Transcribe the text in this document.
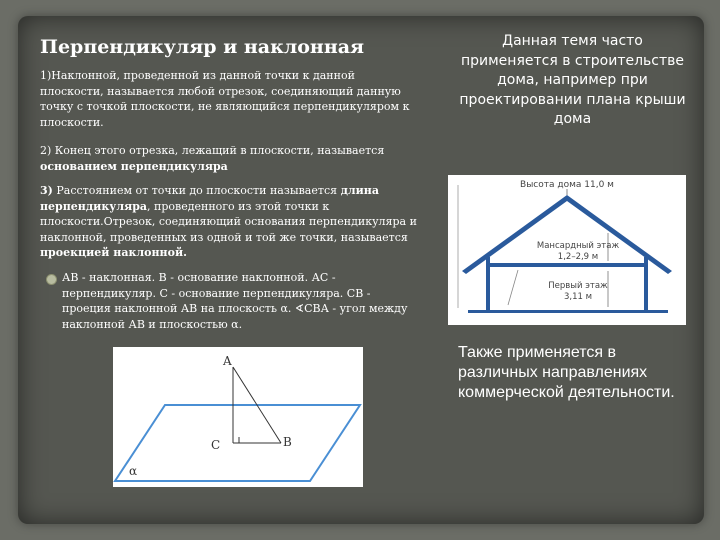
Перпендикуляр и наклонная
1)Наклонной, проведенной из данной точки к данной плоскости, называется любой отрезок, соединяющий данную точку с точкой плоскости, не являющийся перпендикуляром к плоскости.
2) Конец этого отрезка, лежащий в плоскости, называется основанием перпендикуляра
3) Расстоянием от точки до плоскости называется длина перпендикуляра, проведенного из этой точки к плоскости.Отрезок, соединяющий основания перпендикуляра и наклонной, проведенных из одной и той же точки, называется проекцией наклонной.
АВ - наклонная. В - основание наклонной. АС - перпендикуляр. С - основание перпендикуляра. СВ - проеция наклонной АВ на плоскость α. ∢СВА - угол между наклонной АВ и плоскостью α.
Данная темя часто применяется в строительстве дома, например при проектировании плана крыши дома
Высота дома 11,0 м
Мансардный этаж
1,2–2,9 м
Первый этаж
3,11 м
Также применяется в различных направлениях коммерческой деятельности.
A
C	B
α
